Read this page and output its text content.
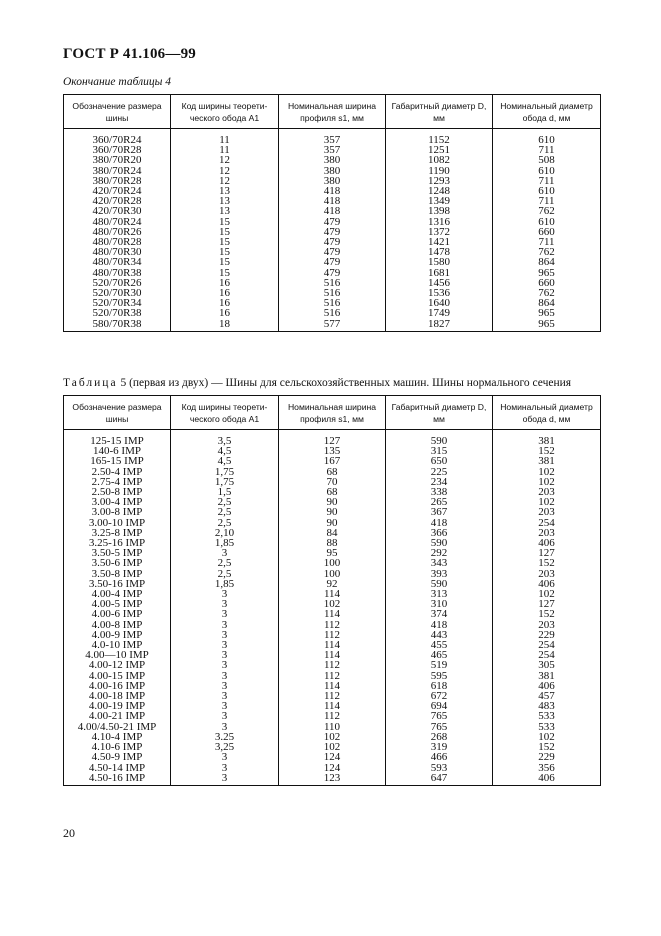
ГОСТ Р 41.106—99
Окончание таблицы 4
Обозначение размера шины	Код ширины теорети-ческого обода A1	Номинальная ширина профиля s1, мм	Габаритный диаметр D, мм	Номинальный диаметр обода d, мм
360/70R24	11	357	1152	610
360/70R28	11	357	1251	711
380/70R20	12	380	1082	508
380/70R24	12	380	1190	610
380/70R28	12	380	1293	711
420/70R24	13	418	1248	610
420/70R28	13	418	1349	711
420/70R30	13	418	1398	762
480/70R24	15	479	1316	610
480/70R26	15	479	1372	660
480/70R28	15	479	1421	711
480/70R30	15	479	1478	762
480/70R34	15	479	1580	864
480/70R38	15	479	1681	965
520/70R26	16	516	1456	660
520/70R30	16	516	1536	762
520/70R34	16	516	1640	864
520/70R38	16	516	1749	965
580/70R38	18	577	1827	965
Таблица 5 (первая из двух) — Шины для сельскохозяйственных машин. Шины нормального сечения
Обозначение размера шины	Код ширины теорети-ческого обода A1	Номинальная ширина профиля s1, мм	Габаритный диаметр D, мм	Номинальный диаметр обода d, мм
125-15 IMP	3,5	127	590	381
140-6 IMP	4,5	135	315	152
165-15 IMP	4,5	167	650	381
2.50-4 IMP	1,75	68	225	102
2.75-4 IMP	1,75	70	234	102
2.50-8 IMP	1,5	68	338	203
3.00-4 IMP	2,5	90	265	102
3.00-8 IMP	2,5	90	367	203
3.00-10 IMP	2,5	90	418	254
3.25-8 IMP	2,10	84	366	203
3.25-16 IMP	1,85	88	590	406
3.50-5 IMP	3	95	292	127
3.50-6 IMP	2,5	100	343	152
3.50-8 IMP	2,5	100	393	203
3.50-16 IMP	1,85	92	590	406
4.00-4 IMP	3	114	313	102
4.00-5 IMP	3	102	310	127
4.00-6 IMP	3	114	374	152
4.00-8 IMP	3	112	418	203
4.00-9 IMP	3	112	443	229
4.0-10 IMP	3	114	455	254
4.00—10 IMP	3	114	465	254
4.00-12 IMP	3	112	519	305
4.00-15 IMP	3	112	595	381
4.00-16 IMP	3	114	618	406
4.00-18 IMP	3	112	672	457
4.00-19 IMP	3	114	694	483
4.00-21 IMP	3	112	765	533
4.00/4.50-21 IMP	3	110	765	533
4.10-4 IMP	3.25	102	268	102
4.10-6 IMP	3,25	102	319	152
4.50-9 IMP	3	124	466	229
4.50-14 IMP	3	124	593	356
4.50-16 IMP	3	123	647	406
20
